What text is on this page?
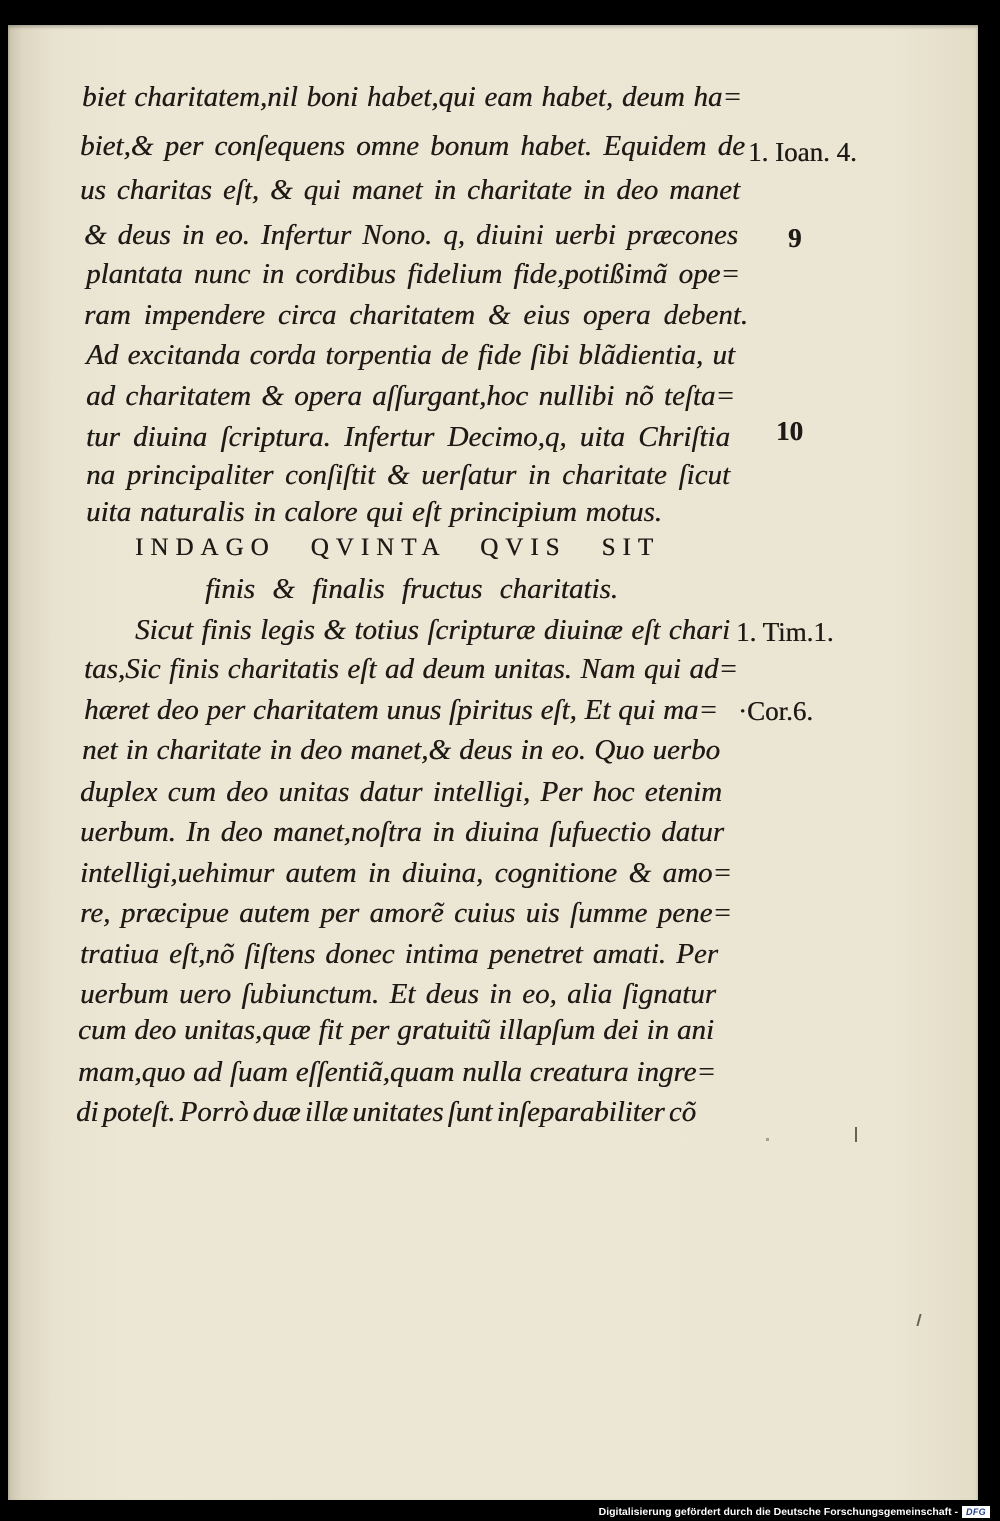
biet charitatem,nil boni habet,qui eam habet, deum ha=
biet,& per conſequens omne bonum habet. Equidem de
us charitas eſt, & qui manet in charitate in deo manet
& deus in eo. Infertur Nono. q, diuini uerbi præcones
plantata nunc in cordibus fidelium fide,potißimã ope=
ram impendere circa charitatem & eius opera debent.
Ad excitanda corda torpentia de fide ſibi blãdientia, ut
ad charitatem & opera aſſurgant,hoc nullibi nõ teſta=
tur diuina ſcriptura. Infertur Decimo,q, uita Chriſtia
na principaliter conſiſtit & uerſatur in charitate ſicut
uita naturalis in calore qui eſt principium motus.
INDAGO QVINTA QVIS SIT
finis & finalis fructus charitatis.
Sicut finis legis & totius ſcripturæ diuinæ eſt chari
tas,Sic finis charitatis eſt ad deum unitas. Nam qui ad=
hæret deo per charitatem unus ſpiritus eſt, Et qui ma=
net in charitate in deo manet,& deus in eo. Quo uerbo
duplex cum deo unitas datur intelligi, Per hoc etenim
uerbum. In deo manet,noſtra in diuina ſufuectio datur
intelligi,uehimur autem in diuina, cognitione & amo=
re, præcipue autem per amorẽ cuius uis ſumme pene=
tratiua eſt,nõ ſiſtens donec intima penetret amati. Per
uerbum uero ſubiunctum. Et deus in eo, alia ſignatur
cum deo unitas,quæ fit per gratuitũ illapſum dei in ani
mam,quo ad ſuam eſſentiã,quam nulla creatura ingre=
di poteſt. Porrò duæ illæ unitates ſunt inſeparabiliter cõ
1. Ioan. 4.
9
10
1. Tim.1.
·Cor.6.
Digitalisierung gefördert durch die Deutsche Forschungsgemeinschaft - DFG
